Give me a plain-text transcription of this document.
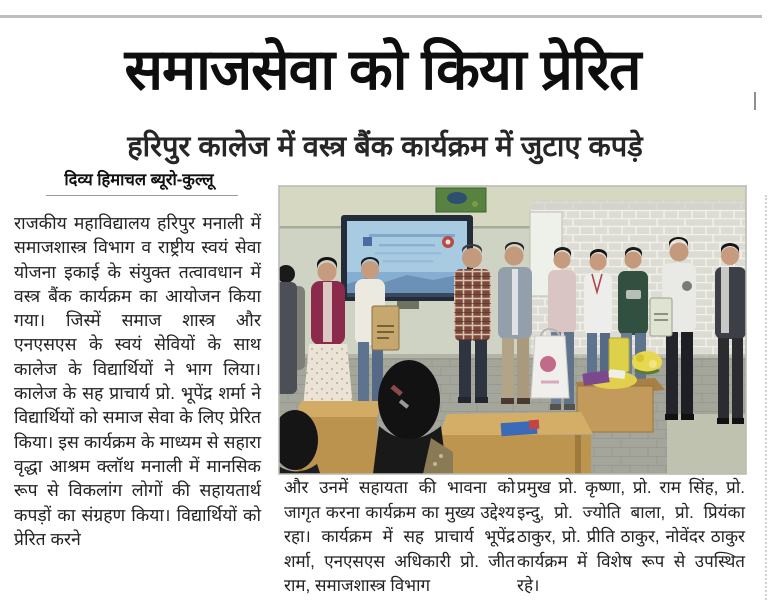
समाजसेवा को किया प्रेरित
हरिपुर कालेज में वस्त्र बैंक कार्यक्रम में जुटाए कपड़े
दिव्य हिमाचल ब्यूरो-कुल्लू

राजकीय महाविद्यालय हरिपुर मनाली में समाजशास्त्र विभाग व राष्ट्रीय स्वयं सेवा योजना इकाई के संयुक्त तत्वावधान में वस्त्र बैंक कार्यक्रम का आयोजन किया गया। जिस्में समाज शास्त्र और एनएसएस के स्वयं सेवियों के साथ कालेज के विद्यार्थियों ने भाग लिया। कालेज के सह प्राचार्य प्रो. भूपेंद्र शर्मा ने विद्यार्थियों को समाज सेवा के लिए प्रेरित किया। इस कार्यक्रम के माध्यम से सहारा वृद्धा आश्रम क्लॉथ मनाली में मानसिक रूप से विकलांग लोगों की सहायतार्थ कपड़ों का संग्रहण किया। विद्यार्थियों को प्रेरित करने

और उनमें सहायता की भावना को जागृत करना कार्यक्रम का मुख्य उद्देश्य रहा। कार्यक्रम में सह प्राचार्य भूपेंद्र शर्मा, एनएसएस अधिकारी प्रो. जीत राम, समाजशास्त्र विभाग

प्रमुख प्रो. कृष्णा, प्रो. राम सिंह, प्रो. इन्दु, प्रो. ज्योति बाला, प्रो. प्रियंका ठाकुर, प्रो. प्रीति ठाकुर, नोवेंदर ठाकुर कार्यक्रम में विशेष रूप से उपस्थित रहे।
